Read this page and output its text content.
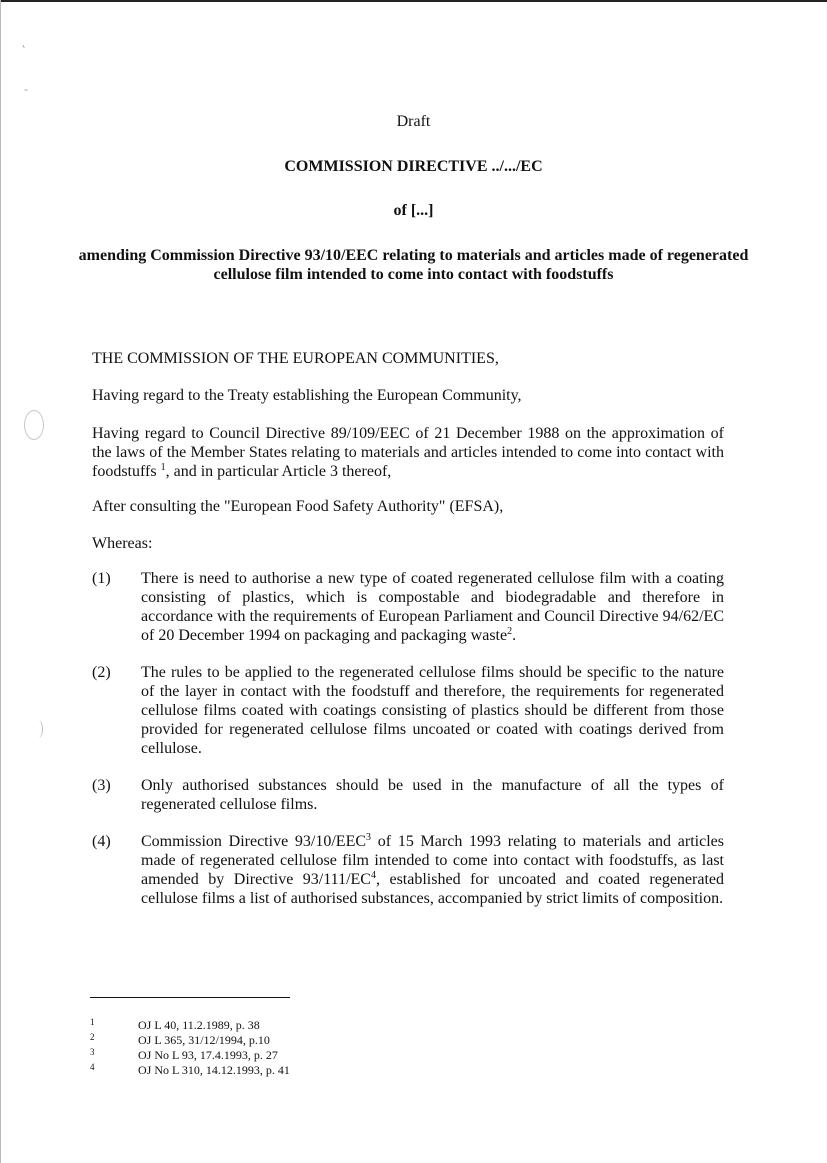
˛
-
Draft
COMMISSION DIRECTIVE ../.../EC
of [...]
amending Commission Directive 93/10/EEC relating to materials and articles made of regenerated cellulose film intended to come into contact with foodstuffs
THE COMMISSION OF THE EUROPEAN COMMUNITIES,
Having regard to the Treaty establishing the European Community,
Having regard to Council Directive 89/109/EEC of 21 December 1988 on the approximation of the laws of the Member States relating to materials and articles intended to come into contact with foodstuffs $^1$, and in particular Article 3 thereof,
After consulting the "European Food Safety Authority" (EFSA),
Whereas:
(1)	There is need to authorise a new type of coated regenerated cellulose film with a coating consisting of plastics, which is compostable and biodegradable and therefore in accordance with the requirements of European Parliament and Council Directive 94/62/EC of 20 December 1994 on packaging and packaging waste$^2$.
(2)	The rules to be applied to the regenerated cellulose films should be specific to the nature of the layer in contact with the foodstuff and therefore, the requirements for regenerated cellulose films coated with coatings consisting of plastics should be different from those provided for regenerated cellulose films uncoated or coated with coatings derived from cellulose.
(3)	Only authorised substances should be used in the manufacture of all the types of regenerated cellulose films.
(4)	Commission Directive 93/10/EEC$^3$ of 15 March 1993 relating to materials and articles made of regenerated cellulose film intended to come into contact with foodstuffs, as last amended by Directive $93/111/EC^4$, established for uncoated and coated regenerated cellulose films a list of authorised substances, accompanied by strict limits of composition.
1	OJ L 40, 11.2.1989, p. 38
2	OJ L 365, 31/12/1994, p.10
3	OJ No L 93, 17.4.1993, p. 27
4	OJ No L 310, 14.12.1993, p. 41
